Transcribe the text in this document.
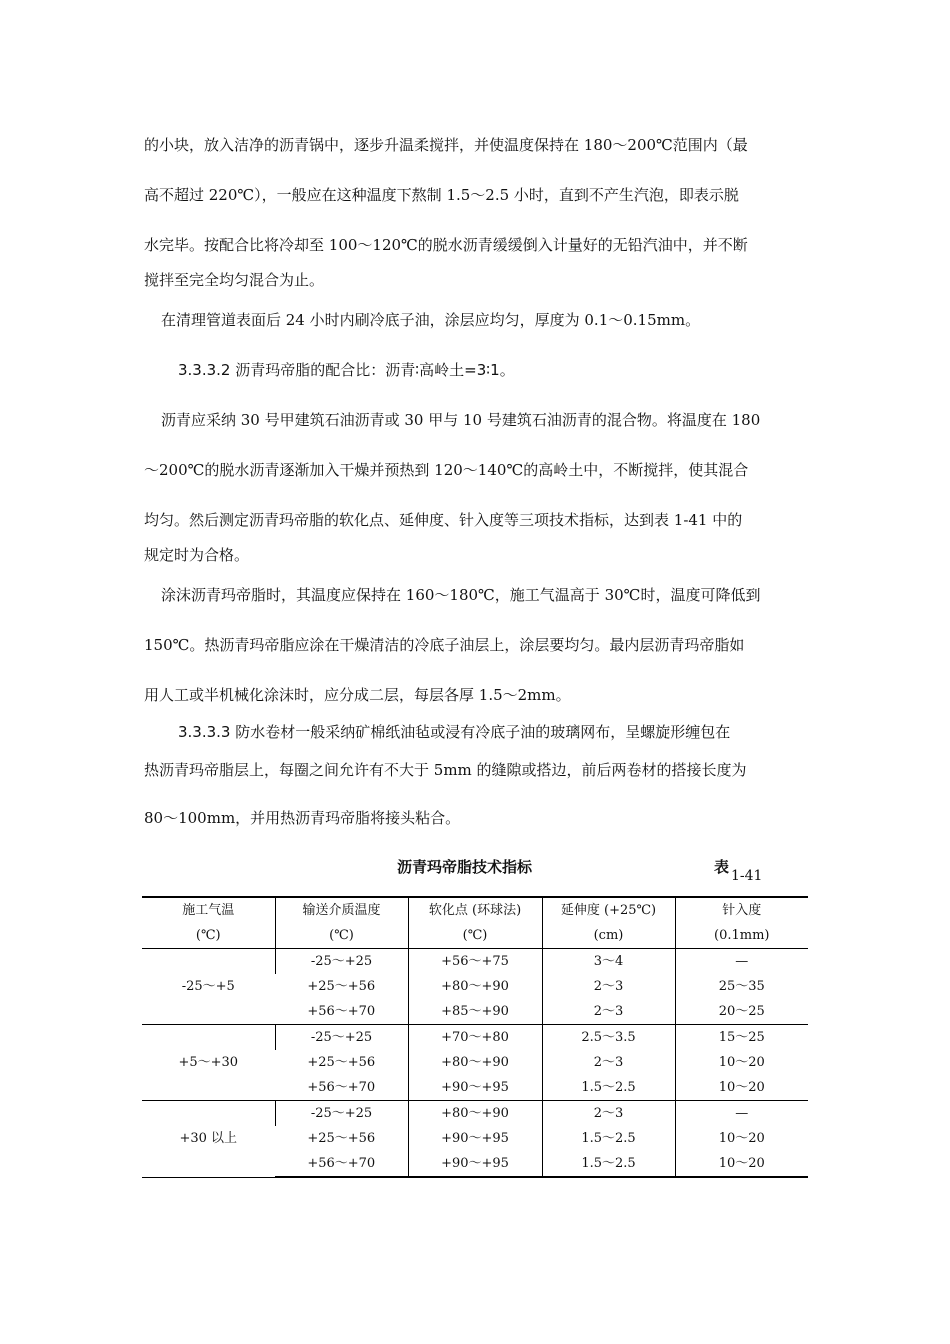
的小块，放入洁净的沥青锅中，逐步升温柔搅拌，并使温度保持在 180～200℃范围内（最
高不超过 220℃），一般应在这种温度下熬制 1.5～2.5 小时，直到不产生汽泡，即表示脱
水完毕。按配合比将冷却至 100～120℃的脱水沥青缓缓倒入计量好的无铅汽油中，并不断
搅拌至完全均匀混合为止。
在清理管道表面后 24 小时内刷冷底子油，涂层应均匀，厚度为 0.1～0.15mm。
3.3.3.2 沥青玛帝脂的配合比：沥青∶高岭土=3∶1。
沥青应采纳 30 号甲建筑石油沥青或 30 甲与 10 号建筑石油沥青的混合物。将温度在 180
～200℃的脱水沥青逐渐加入干燥并预热到 120～140℃的高岭土中，不断搅拌，使其混合
均匀。然后测定沥青玛帝脂的软化点、延伸度、针入度等三项技术指标，达到表 1-41 中的
规定时为合格。
涂沫沥青玛帝脂时，其温度应保持在 160～180℃，施工气温高于 30℃时，温度可降低到
150℃。热沥青玛帝脂应涂在干燥清洁的冷底子油层上，涂层要均匀。最内层沥青玛帝脂如
用人工或半机械化涂沫时，应分成二层，每层各厚 1.5～2mm。
3.3.3.3 防水卷材一般采纳矿棉纸油毡或浸有冷底子油的玻璃网布，呈螺旋形缠包在
热沥青玛帝脂层上，每圈之间允许有不大于 5mm 的缝隙或搭边，前后两卷材的搭接长度为
80～100mm，并用热沥青玛帝脂将接头粘合。
沥青玛帝脂技术指标	表 1-41
施工气温	输送介质温度	软化点 (环球法)	延伸度 (+25℃)	针入度
(℃)	(℃)	(℃)	(cm)	(0.1mm)
-25～+5	-25～+25	+56～+75	3～4	—
	+25～+56	+80～+90	2～3	25～35
	+56～+70	+85～+90	2～3	20～25
+5～+30	-25～+25	+70～+80	2.5～3.5	15～25
	+25～+56	+80～+90	2～3	10～20
	+56～+70	+90～+95	1.5～2.5	10～20
+30 以上	-25～+25	+80～+90	2～3	—
	+25～+56	+90～+95	1.5～2.5	10～20
	+56～+70	+90～+95	1.5～2.5	10～20
